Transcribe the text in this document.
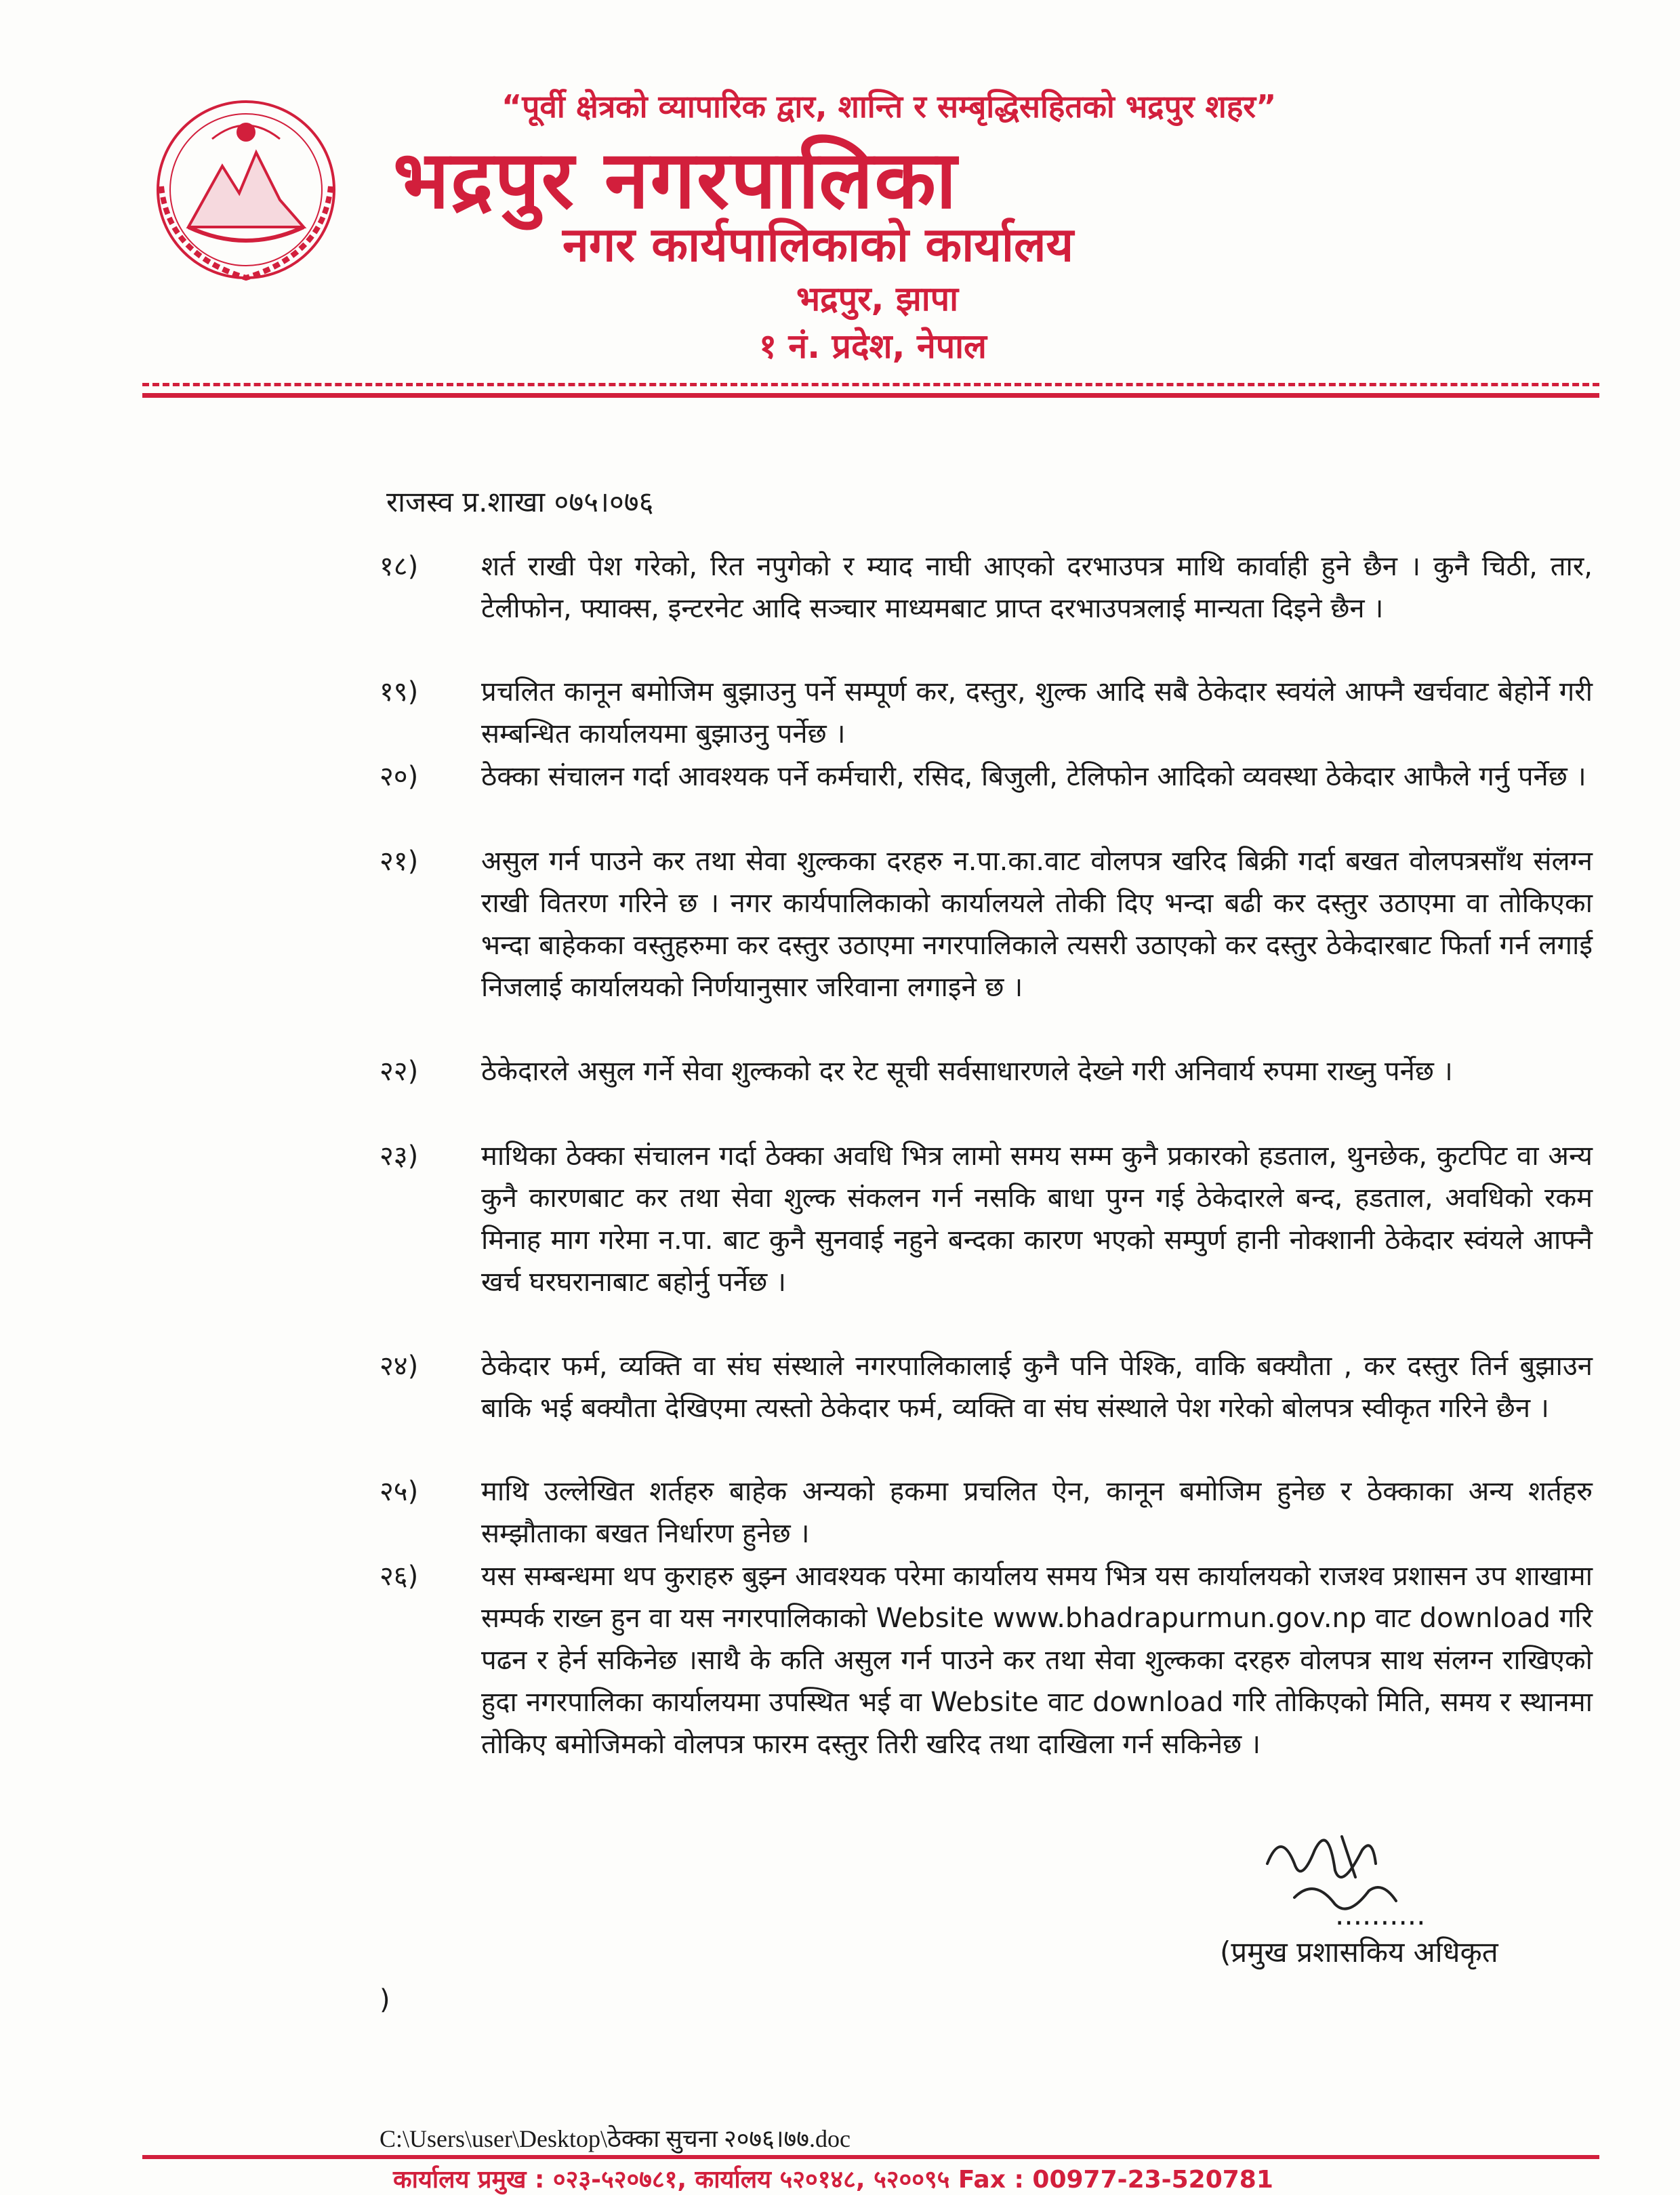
“पूर्वी क्षेत्रको व्यापारिक द्वार, शान्ति र सम्बृद्धिसहितको भद्रपुर शहर”
भद्रपुर नगरपालिका
नगर कार्यपालिकाको कार्यालय
भद्रपुर, झापा
१ नं. प्रदेश, नेपाल
राजस्व प्र.शाखा ०७५।०७६
१८)	शर्त राखी पेश गरेको, रित नपुगेको र म्याद नाघी आएको दरभाउपत्र माथि कार्वाही हुने छैन । कुनै चिठी, तार, टेलीफोन, फ्याक्स, इन्टरनेट आदि सञ्चार माध्यमबाट प्राप्त दरभाउपत्रलाई मान्यता दिइने छैन ।
१९)	प्रचलित कानून बमोजिम बुझाउनु पर्ने सम्पूर्ण कर, दस्तुर, शुल्क आदि सबै ठेकेदार स्वयंले आफ्नै खर्चवाट बेहोर्ने गरी सम्बन्धित कार्यालयमा बुझाउनु पर्नेछ ।
२०)	ठेक्का संचालन गर्दा आवश्यक पर्ने कर्मचारी, रसिद, बिजुली, टेलिफोन आदिको व्यवस्था ठेकेदार आफैले गर्नु पर्नेछ ।
२१)	असुल गर्न पाउने कर तथा सेवा शुल्कका दरहरु न.पा.का.वाट वोलपत्र खरिद बिक्री गर्दा बखत वोलपत्रसाँथ संलग्न राखी वितरण गरिने छ । नगर कार्यपालिकाको कार्यालयले तोकी दिए भन्दा बढी कर दस्तुर उठाएमा वा तोकिएका भन्दा बाहेकका वस्तुहरुमा कर दस्तुर उठाएमा नगरपालिकाले त्यसरी उठाएको कर दस्तुर ठेकेदारबाट फिर्ता गर्न लगाई निजलाई कार्यालयको निर्णयानुसार जरिवाना लगाइने छ ।
२२)	ठेकेदारले असुल गर्ने सेवा शुल्कको दर रेट सूची सर्वसाधारणले देख्ने गरी अनिवार्य रुपमा राख्नु पर्नेछ ।
२३)	माथिका ठेक्का संचालन गर्दा ठेक्का अवधि भित्र लामो समय सम्म कुनै प्रकारको हडताल, थुनछेक, कुटपिट वा अन्य कुनै कारणबाट कर तथा सेवा शुल्क संकलन गर्न नसकि बाधा पुग्न गई ठेकेदारले बन्द, हडताल, अवधिको रकम मिनाह माग गरेमा न.पा. बाट कुनै सुनवाई नहुने बन्दका कारण भएको सम्पुर्ण हानी नोक्शानी ठेकेदार स्वंयले आफ्नै खर्च घरघरानाबाट बहोर्नु पर्नेछ ।
२४)	ठेकेदार फर्म, व्यक्ति वा संघ संस्थाले नगरपालिकालाई कुनै पनि पेश्कि, वाकि बक्यौता , कर दस्तुर तिर्न बुझाउन बाकि भई बक्यौता देखिएमा त्यस्तो ठेकेदार फर्म, व्यक्ति वा संघ संस्थाले पेश गरेको बोलपत्र स्वीकृत गरिने छैन ।
२५)	माथि उल्लेखित शर्तहरु बाहेक अन्यको हकमा प्रचलित ऐन, कानून बमोजिम हुनेछ र ठेक्काका अन्य शर्तहरु सम्झौताका बखत निर्धारण हुनेछ ।
२६)	यस सम्बन्धमा थप कुराहरु बुझ्न आवश्यक परेमा कार्यालय समय भित्र यस कार्यालयको राजश्व प्रशासन उप शाखामा सम्पर्क राख्न हुन वा यस नगरपालिकाको Website www.bhadrapurmun.gov.np वाट download गरि पढन र हेर्न सकिनेछ ।साथै के कति असुल गर्न पाउने कर तथा सेवा शुल्कका दरहरु वोलपत्र साथ संलग्न राखिएको हुदा नगरपालिका कार्यालयमा उपस्थित भई वा Website वाट download गरि तोकिएको मिति, समय र स्थानमा तोकिए बमोजिमको वोलपत्र फारम दस्तुर तिरी खरिद तथा दाखिला गर्न सकिनेछ ।
..........
(प्रमुख प्रशासकिय अधिकृत
)
C:\Users\user\Desktop\ठेक्का सुचना २०७६।७७.doc
कार्यालय प्रमुख : ०२३-५२०७८१, कार्यालय ५२०१४८, ५२००९५ Fax : 00977-23-520781
